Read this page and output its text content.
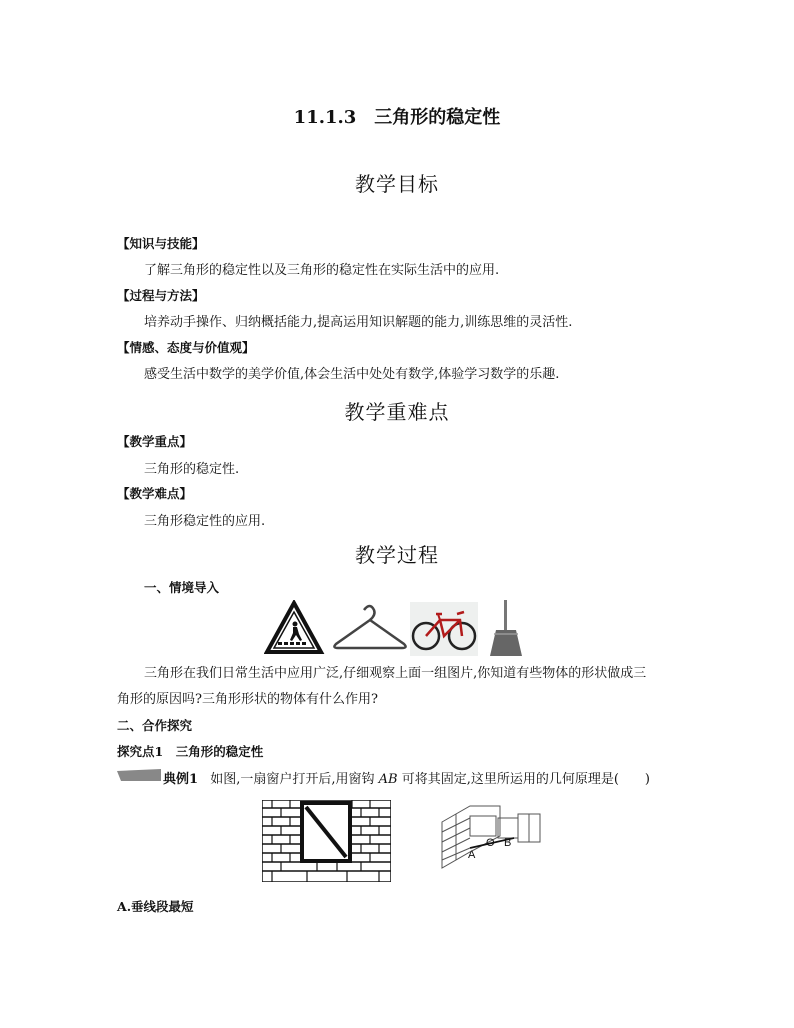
11.1.3　三角形的稳定性
教学目标
【知识与技能】
了解三角形的稳定性以及三角形的稳定性在实际生活中的应用.
【过程与方法】
培养动手操作、归纳概括能力,提高运用知识解题的能力,训练思维的灵活性.
【情感、态度与价值观】
感受生活中数学的美学价值,体会生活中处处有数学,体验学习数学的乐趣.
教学重难点
【教学重点】
三角形的稳定性.
【教学难点】
三角形稳定性的应用.
教学过程
一、情境导入
三角形在我们日常生活中应用广泛,仔细观察上面一组图片,你知道有些物体的形状做成三
角形的原因吗?三角形形状的物体有什么作用?
二、合作探究
探究点1　三角形的稳定性
典例1 如图,一扇窗户打开后,用窗钩 AB 可将其固定,这里所运用的几何原理是(　　)
A
O B
A.垂线段最短
